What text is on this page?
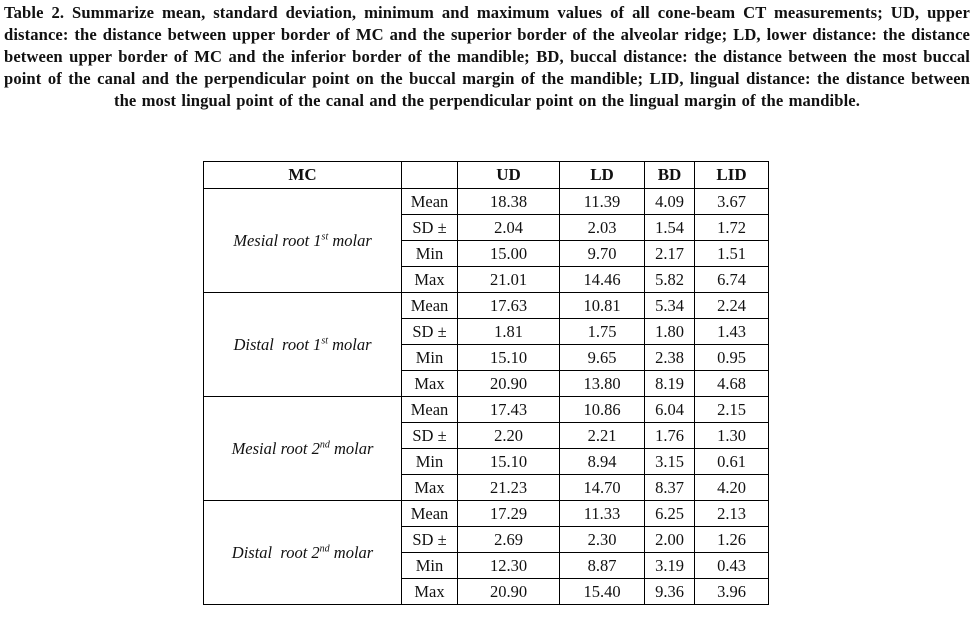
Table 2. Summarize mean, standard deviation, minimum and maximum values of all cone-beam CT measurements; UD, upper distance: the distance between upper border of MC and the superior border of the alveolar ridge; LD, lower distance: the distance between upper border of MC and the inferior border of the mandible; BD, buccal distance: the distance between the most buccal point of the canal and the perpendicular point on the buccal margin of the mandible; LID, lingual distance: the distance between the most lingual point of the canal and the perpendicular point on the lingual margin of the mandible.
MC		UD	LD	BD	LID
Mesial root 1st molar	Mean	18.38	11.39	4.09	3.67
	SD ±	2.04	2.03	1.54	1.72
	Min	15.00	9.70	2.17	1.51
	Max	21.01	14.46	5.82	6.74
Distal  root 1st molar	Mean	17.63	10.81	5.34	2.24
	SD ±	1.81	1.75	1.80	1.43
	Min	15.10	9.65	2.38	0.95
	Max	20.90	13.80	8.19	4.68
Mesial root 2nd molar	Mean	17.43	10.86	6.04	2.15
	SD ±	2.20	2.21	1.76	1.30
	Min	15.10	8.94	3.15	0.61
	Max	21.23	14.70	8.37	4.20
Distal  root 2nd molar	Mean	17.29	11.33	6.25	2.13
	SD ±	2.69	2.30	2.00	1.26
	Min	12.30	8.87	3.19	0.43
	Max	20.90	15.40	9.36	3.96
